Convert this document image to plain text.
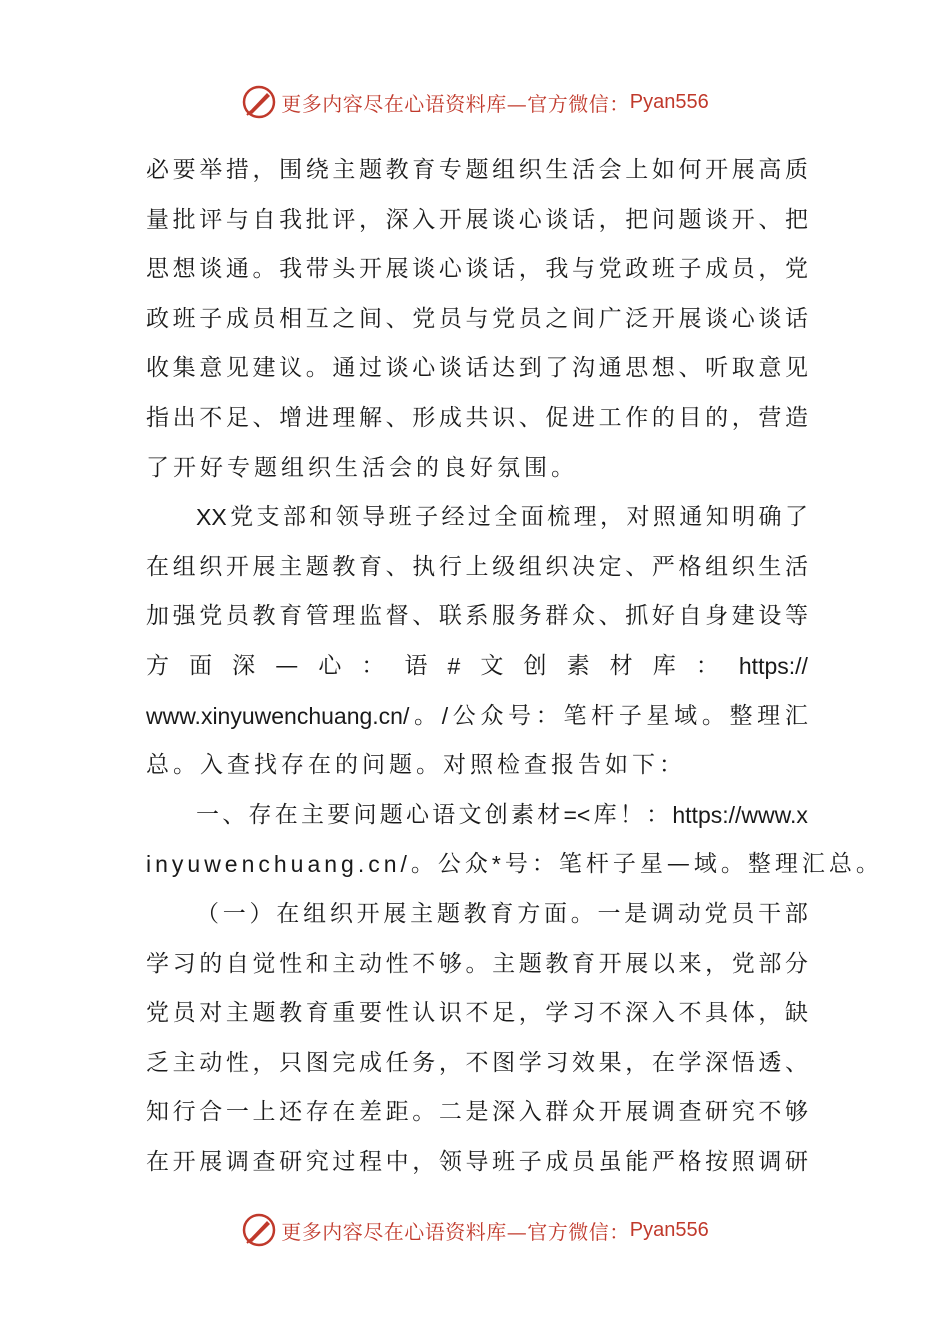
更多内容尽在心语资料库—官方微信： Pyan556
必 要 举 措 ， 围 绕 主 题 教 育 专 题 组 织 生 活 会 上 如 何 开 展 高 质
量 批 评 与 自 我 批 评 ， 深 入 开 展 谈 心 谈 话 ， 把 问 题 谈 开 、 把
思 想 谈 通 。 我 带 头 开 展 谈 心 谈 话 ， 我 与 党 政 班 子 成 员 ， 党
政 班 子 成 员 相 互 之 间 、 党 员 与 党 员 之 间 广 泛 开 展 谈 心 谈 话
收 集 意 见 建 议 。 通 过 谈 心 谈 话 达 到 了 沟 通 思 想 、 听 取 意 见
指 出 不 足 、 增 进 理 解 、 形 成 共 识 、 促 进 工 作 的 目 的 ， 营 造
了 开 好 专 题 组 织 生 活 会 的 良 好 氛 围 。
XX 党 支 部 和 领 导 班 子 经 过 全 面 梳 理 ， 对 照 通 知 明 确 了
在 组 织 开 展 主 题 教 育 、 执 行 上 级 组 织 决 定 、 严 格 组 织 生 活
加 强 党 员 教 育 管 理 监 督 、 联 系 服 务 群 众 、 抓 好 自 身 建 设 等
方 面 深 — 心 ： 语 # 文 创 素 材 库 ： https://
www.xinyuwenchuang.cn/ 。 / 公 众 号 ： 笔 杆 子 星 域 。 整 理 汇
总 。 入 查 找 存 在 的 问 题 。 对 照 检 查 报 告 如 下 ：
一 、 存 在 主 要 问 题 心 语 文 创 素 材 =< 库 ！ ： https://www.x
inyuwenchuang.cn/ 。 公 众 * 号 ： 笔 杆 子 星 — 域 。 整 理 汇 总 。
（ 一 ） 在 组 织 开 展 主 题 教 育 方 面 。 一 是 调 动 党 员 干 部
学 习 的 自 觉 性 和 主 动 性 不 够 。 主 题 教 育 开 展 以 来 ， 党 部 分
党 员 对 主 题 教 育 重 要 性 认 识 不 足 ， 学 习 不 深 入 不 具 体 ， 缺
乏 主 动 性 ， 只 图 完 成 任 务 ， 不 图 学 习 效 果 ， 在 学 深 悟 透 、
知 行 合 一 上 还 存 在 差 距 。 二 是 深 入 群 众 开 展 调 查 研 究 不 够
在 开 展 调 查 研 究 过 程 中 ， 领 导 班 子 成 员 虽 能 严 格 按 照 调 研
更多内容尽在心语资料库—官方微信： Pyan556
